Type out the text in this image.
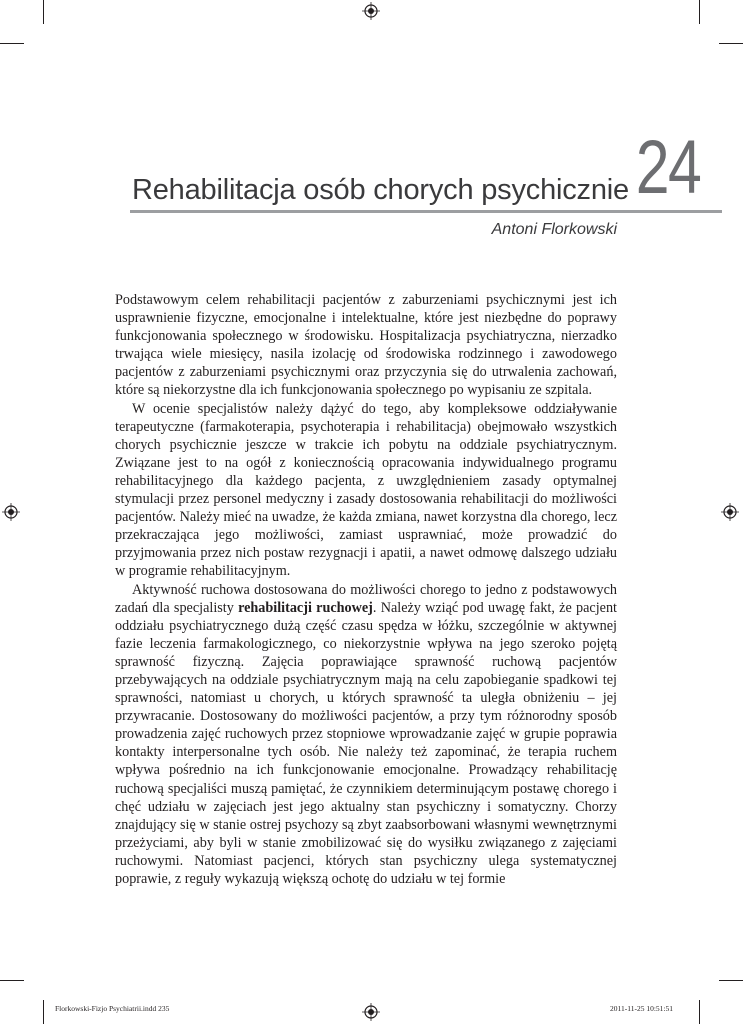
24
Rehabilitacja osób chorych psychicznie
Antoni Florkowski

Podstawowym celem rehabilitacji pacjentów z zaburzeniami psychicznymi jest ich usprawnienie fizyczne, emocjonalne i intelektualne, które jest niezbędne do poprawy funkcjonowania społecznego w środowisku. Hospitalizacja psychiatryczna, nierzadko trwająca wiele miesięcy, nasila izolację od środowiska rodzinnego i zawodowego pacjentów z zaburzeniami psychicznymi oraz przyczynia się do utrwalenia zachowań, które są niekorzystne dla ich funkcjonowania społecznego po wypisaniu ze szpitala.

W ocenie specjalistów należy dążyć do tego, aby kompleksowe oddziaływanie terapeutyczne (farmakoterapia, psychoterapia i rehabilitacja) obejmowało wszystkich chorych psychicznie jeszcze w trakcie ich pobytu na oddziale psychiatrycznym. Związane jest to na ogół z koniecznością opracowania indywidualnego programu rehabilitacyjnego dla każdego pacjenta, z uwzględnieniem zasady optymalnej stymulacji przez personel medyczny i zasady dostosowania rehabilitacji do możliwości pacjentów. Należy mieć na uwadze, że każda zmiana, nawet korzystna dla chorego, lecz przekraczająca jego możliwości, zamiast usprawniać, może prowadzić do przyjmowania przez nich postaw rezygnacji i apatii, a nawet odmowę dalszego udziału w programie rehabilitacyjnym.

Aktywność ruchowa dostosowana do możliwości chorego to jedno z podstawowych zadań dla specjalisty rehabilitacji ruchowej. Należy wziąć pod uwagę fakt, że pacjent oddziału psychiatrycznego dużą część czasu spędza w łóżku, szczególnie w aktywnej fazie leczenia farmakologicznego, co niekorzystnie wpływa na jego szeroko pojętą sprawność fizyczną. Zajęcia poprawiające sprawność ruchową pacjentów przebywających na oddziale psychiatrycznym mają na celu zapobieganie spadkowi tej sprawności, natomiast u chorych, u których sprawność ta uległa obniżeniu – jej przywracanie. Dostosowany do możliwości pacjentów, a przy tym różnorodny sposób prowadzenia zajęć ruchowych przez stopniowe wprowadzanie zajęć w grupie poprawia kontakty interpersonalne tych osób. Nie należy też zapominać, że terapia ruchem wpływa pośrednio na ich funkcjonowanie emocjonalne. Prowadzący rehabilitację ruchową specjaliści muszą pamiętać, że czynnikiem determinującym postawę chorego i chęć udziału w zajęciach jest jego aktualny stan psychiczny i somatyczny. Chorzy znajdujący się w stanie ostrej psychozy są zbyt zaabsorbowani własnymi wewnętrznymi przeżyciami, aby byli w stanie zmobilizować się do wysiłku związanego z zajęciami ruchowymi. Natomiast pacjenci, których stan psychiczny ulega systematycznej poprawie, z reguły wykazują większą ochotę do udziału w tej formie

Florkowski-Fizjo Psychiatrii.indd 235	2011-11-25 10:51:51
